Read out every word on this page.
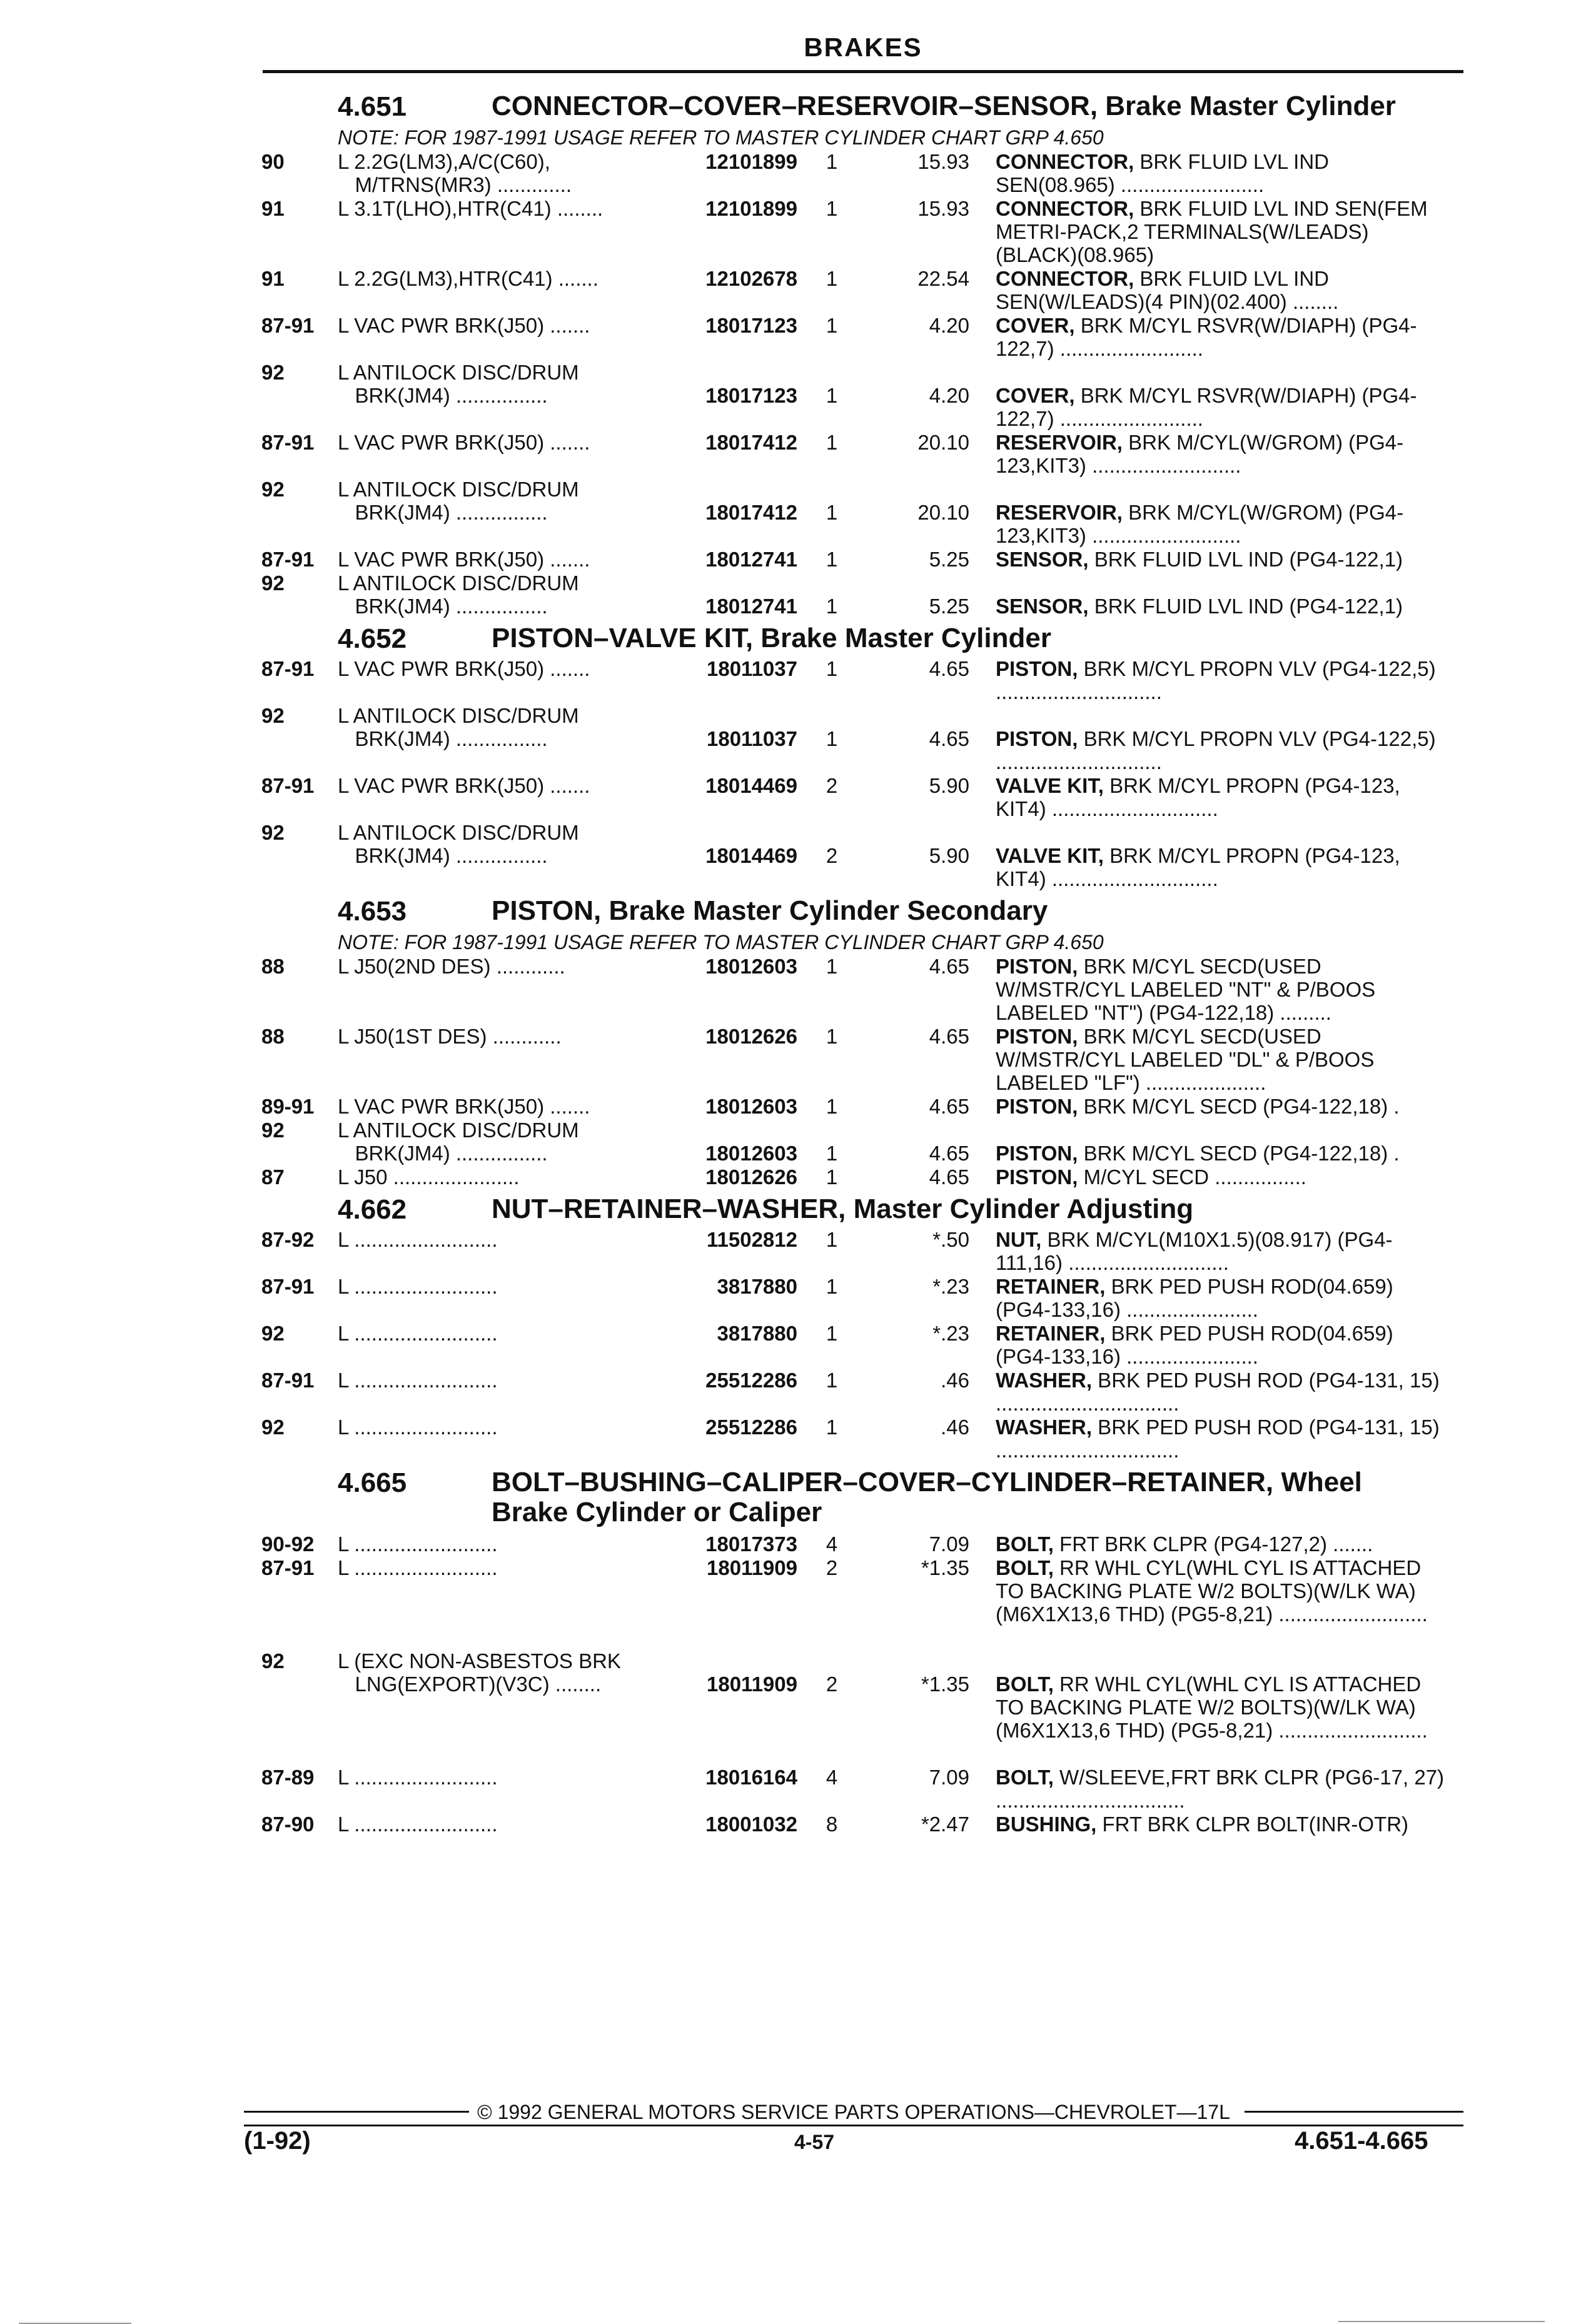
BRAKES
4.651	CONNECTOR–COVER–RESERVOIR–SENSOR, Brake Master Cylinder
NOTE: FOR 1987-1991 USAGE REFER TO MASTER CYLINDER CHART GRP 4.650
90	L 2.2G(LM3),A/C(C60),
M/TRNS(MR3) .............
12101899	1	15.93 CONNECTOR, BRK FLUID LVL IND SEN(08.965) .........................
91	L 3.1T(LHO),HTR(C41) ........	12101899	1	15.93 CONNECTOR, BRK FLUID LVL IND SEN(FEM METRI-PACK,2 TERMINALS(W/LEADS)(BLACK)(08.965)
91	L 2.2G(LM3),HTR(C41) .......	12102678	1	22.54 CONNECTOR, BRK FLUID LVL IND SEN(W/LEADS)(4 PIN)(02.400) ........
87-91 L VAC PWR BRK(J50) .......	18017123	1	4.20 COVER, BRK M/CYL RSVR(W/DIAPH) (PG4-122,7) .........................
92	L ANTILOCK DISC/DRUM
BRK(JM4) ................	18017123	1	4.20 COVER, BRK M/CYL RSVR(W/DIAPH) (PG4-122,7) .........................
87-91 L VAC PWR BRK(J50) .......	18017412	1	20.10 RESERVOIR, BRK M/CYL(W/GROM) (PG4-123,KIT3) ..........................
92	L ANTILOCK DISC/DRUM
BRK(JM4) ................	18017412	1	20.10 RESERVOIR, BRK M/CYL(W/GROM) (PG4-123,KIT3) ..........................
87-91 L VAC PWR BRK(J50) .......	18012741	1	5.25 SENSOR, BRK FLUID LVL IND (PG4-122,1)
92	L ANTILOCK DISC/DRUM
BRK(JM4) ................	18012741	1	5.25 SENSOR, BRK FLUID LVL IND (PG4-122,1)
4.652	PISTON–VALVE KIT, Brake Master Cylinder
87-91 L VAC PWR BRK(J50) .......	18011037	1	4.65 PISTON, BRK M/CYL PROPN VLV (PG4-122,5) .............................
92	L ANTILOCK DISC/DRUM
BRK(JM4) ................	18011037	1	4.65 PISTON, BRK M/CYL PROPN VLV (PG4-122,5) .............................
87-91 L VAC PWR BRK(J50) .......	18014469	2	5.90 VALVE KIT, BRK M/CYL PROPN (PG4-123, KIT4) .............................
92	L ANTILOCK DISC/DRUM
BRK(JM4) ................	18014469	2	5.90 VALVE KIT, BRK M/CYL PROPN (PG4-123, KIT4) .............................
4.653	PISTON, Brake Master Cylinder Secondary
NOTE: FOR 1987-1991 USAGE REFER TO MASTER CYLINDER CHART GRP 4.650
88	L J50(2ND DES) ............	18012603	1	4.65 PISTON, BRK M/CYL SECD(USED W/MSTR/CYL LABELED "NT" & P/BOOS LABELED "NT") (PG4-122,18) .........
88	L J50(1ST DES) ............	18012626	1	4.65 PISTON, BRK M/CYL SECD(USED W/MSTR/CYL LABELED "DL" & P/BOOS LABELED "LF") .....................
89-91 L VAC PWR BRK(J50) .......	18012603	1	4.65 PISTON, BRK M/CYL SECD (PG4-122,18) .
92	L ANTILOCK DISC/DRUM
BRK(JM4) ................	18012603	1	4.65 PISTON, BRK M/CYL SECD (PG4-122,18) .
87	L J50 ......................	18012626	1	4.65 PISTON, M/CYL SECD ................
4.662	NUT–RETAINER–WASHER, Master Cylinder Adjusting
87-92 L .........................	11502812	1	*.50 NUT, BRK M/CYL(M10X1.5)(08.917) (PG4-111,16) ............................
87-91 L .........................	3817880	1	*.23 RETAINER, BRK PED PUSH ROD(04.659) (PG4-133,16) .......................
92	L .........................	3817880	1	*.23 RETAINER, BRK PED PUSH ROD(04.659) (PG4-133,16) .......................
87-91 L .........................	25512286	1	.46 WASHER, BRK PED PUSH ROD (PG4-131, 15) ................................
92	L .........................	25512286	1	.46 WASHER, BRK PED PUSH ROD (PG4-131, 15) ................................
4.665	BOLT–BUSHING–CALIPER–COVER–CYLINDER–RETAINER, Wheel Brake Cylinder or Caliper
90-92 L .........................	18017373	4	7.09 BOLT, FRT BRK CLPR (PG4-127,2) .......
87-91 L .........................	18011909	2	*1.35 BOLT, RR WHL CYL(WHL CYL IS ATTACHED TO BACKING PLATE W/2 BOLTS)(W/LK WA)(M6X1X13,6 THD) (PG5-8,21) ..........................
92	L (EXC NON-ASBESTOS BRK
LNG(EXPORT)(V3C) ........	18011909	2	*1.35 BOLT, RR WHL CYL(WHL CYL IS ATTACHED TO BACKING PLATE W/2 BOLTS)(W/LK WA)(M6X1X13,6 THD) (PG5-8,21) ..........................
87-89 L .........................	18016164	4	7.09 BOLT, W/SLEEVE,FRT BRK CLPR (PG6-17, 27) .................................
87-90 L .........................	18001032	8	*2.47 BUSHING, FRT BRK CLPR BOLT(INR-OTR)
© 1992 GENERAL MOTORS SERVICE PARTS OPERATIONS—CHEVROLET—17L
(1-92)	4-57	4.651-4.665
